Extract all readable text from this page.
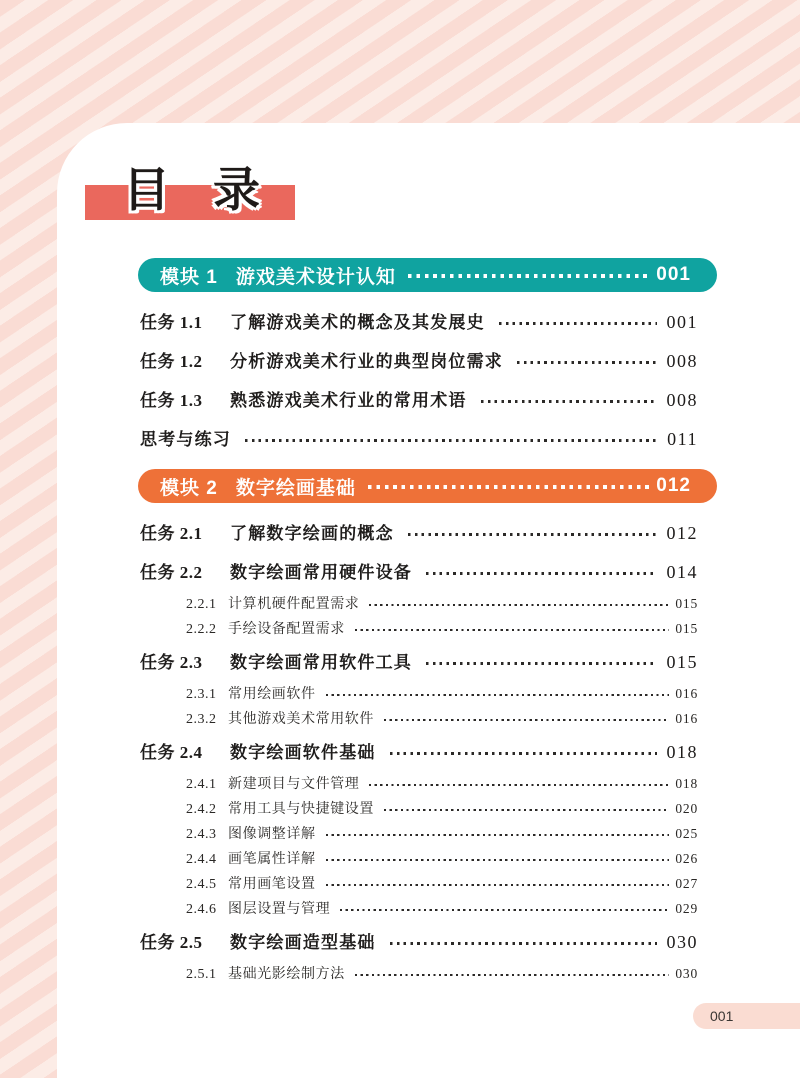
目 录
模块 1 游戏美术设计认知	001
任务 1.1	了解游戏美术的概念及其发展史	001
任务 1.2	分析游戏美术行业的典型岗位需求	008
任务 1.3	熟悉游戏美术行业的常用术语	008
思考与练习	011
模块 2 数字绘画基础	012
任务 2.1	了解数字绘画的概念	012
任务 2.2	数字绘画常用硬件设备	014
2.2.1 计算机硬件配置需求	015
2.2.2 手绘设备配置需求	015
任务 2.3	数字绘画常用软件工具	015
2.3.1 常用绘画软件	016
2.3.2 其他游戏美术常用软件	016
任务 2.4	数字绘画软件基础	018
2.4.1 新建项目与文件管理	018
2.4.2 常用工具与快捷键设置	020
2.4.3 图像调整详解	025
2.4.4 画笔属性详解	026
2.4.5 常用画笔设置	027
2.4.6 图层设置与管理	029
任务 2.5	数字绘画造型基础	030
2.5.1 基础光影绘制方法	030
001
